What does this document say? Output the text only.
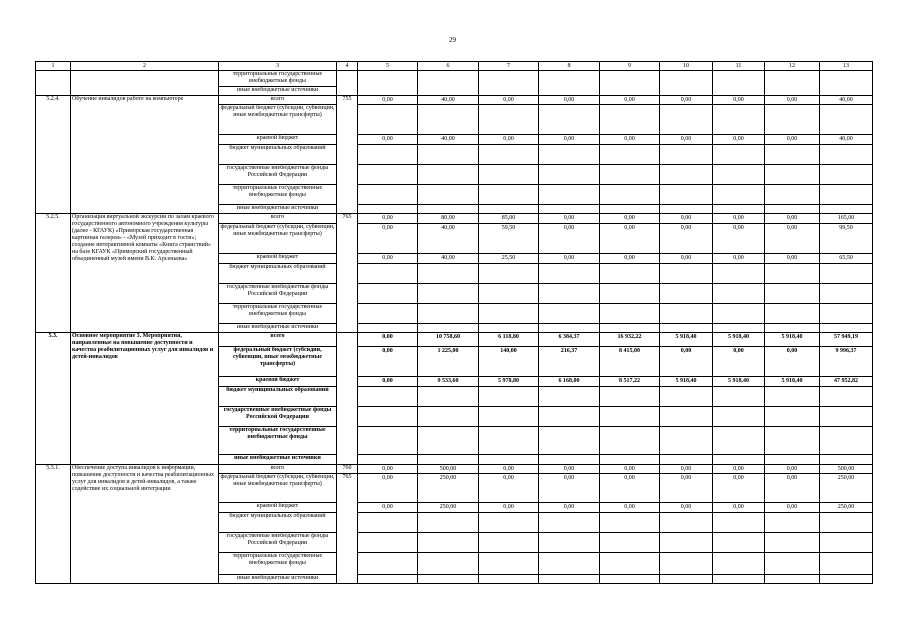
29
1	2	3	4	5	6	7	8	9	10	11	12	13
		территориальные государственные внебюджетные фонды										
		иные внебюджетные источники										
5.2.4.	Обучение инвалидов работе на компьютере	всего	755	0,00	40,00	0,00	0,00	0,00	0,00	0,00	0,00	40,00
		федеральный бюджет (субсидии, субвенции, иные межбюджетные трансферты)										
		краевой бюджет		0,00	40,00	0,00	0,00	0,00	0,00	0,00	0,00	40,00
		бюджет муниципальных образований										
		государственные внебюджетные фонды Российской Федерации										
		территориальные государственные внебюджетные фонды										
		иные внебюджетные источники										
5.2.5.	Организация виртуальной экскурсии по залам краевого государственного автономного учреждения культуры (далее - КГАУК) «Приморская государственная картинная галерея» - «Музей приходит в гости»; создание интерактивной комнаты «Книга странствий» на базе КГАУК «Приморский государственный объединенный музей имени В.К. Арсеньева»	всего	765	0,00	80,00	85,00	0,00	0,00	0,00	0,00	0,00	165,00
		федеральный бюджет (субсидии, субвенции, иные межбюджетные трансферты)		0,00	40,00	59,50	0,00	0,00	0,00	0,00	0,00	99,50
		краевой бюджет		0,00	40,00	25,50	0,00	0,00	0,00	0,00	0,00	65,50
		бюджет муниципальных образований										
		государственные внебюджетные фонды Российской Федерации										
		территориальные государственные внебюджетные фонды										
		иные внебюджетные источники										
5.3.	Основное мероприятие 3. Мероприятия, направленные на повышение доступности и качества реабилитационных услуг для инвалидов и детей-инвалидов	всего		0,00	10 758,60	6 118,80	6 384,37	16 932,22	5 918,40	5 918,40	5 918,40	57 949,19
		федеральный бюджет (субсидии, субвенции, иные межбюджетные трансферты)		0,00	1 225,00	140,00	216,37	8 415,00	0,00	0,00	0,00	9 996,37
		краевой бюджет		0,00	9 533,60	5 978,80	6 168,00	8 517,22	5 918,40	5 918,40	5 918,40	47 952,82
		бюджет муниципальных образований										
		государственные внебюджетные фонды Российской Федерации										
		территориальные государственные внебюджетные фонды										
		иные внебюджетные источники										
5.3.1.	Обеспечение доступа инвалидов к информации, повышение доступности и качества реабилитационных услуг для инвалидов и детей-инвалидов, а также содействие их социальной интеграции	всего	760	0,00	500,00	0,00	0,00	0,00	0,00	0,00	0,00	500,00
		федеральный бюджет (субсидии, субвенции, иные межбюджетные трансферты)	765	0,00	250,00	0,00	0,00	0,00	0,00	0,00	0,00	250,00
		краевой бюджет		0,00	250,00	0,00	0,00	0,00	0,00	0,00	0,00	250,00
		бюджет муниципальных образований										
		государственные внебюджетные фонды Российской Федерации										
		территориальные государственные внебюджетные фонды										
		иные внебюджетные источники										
